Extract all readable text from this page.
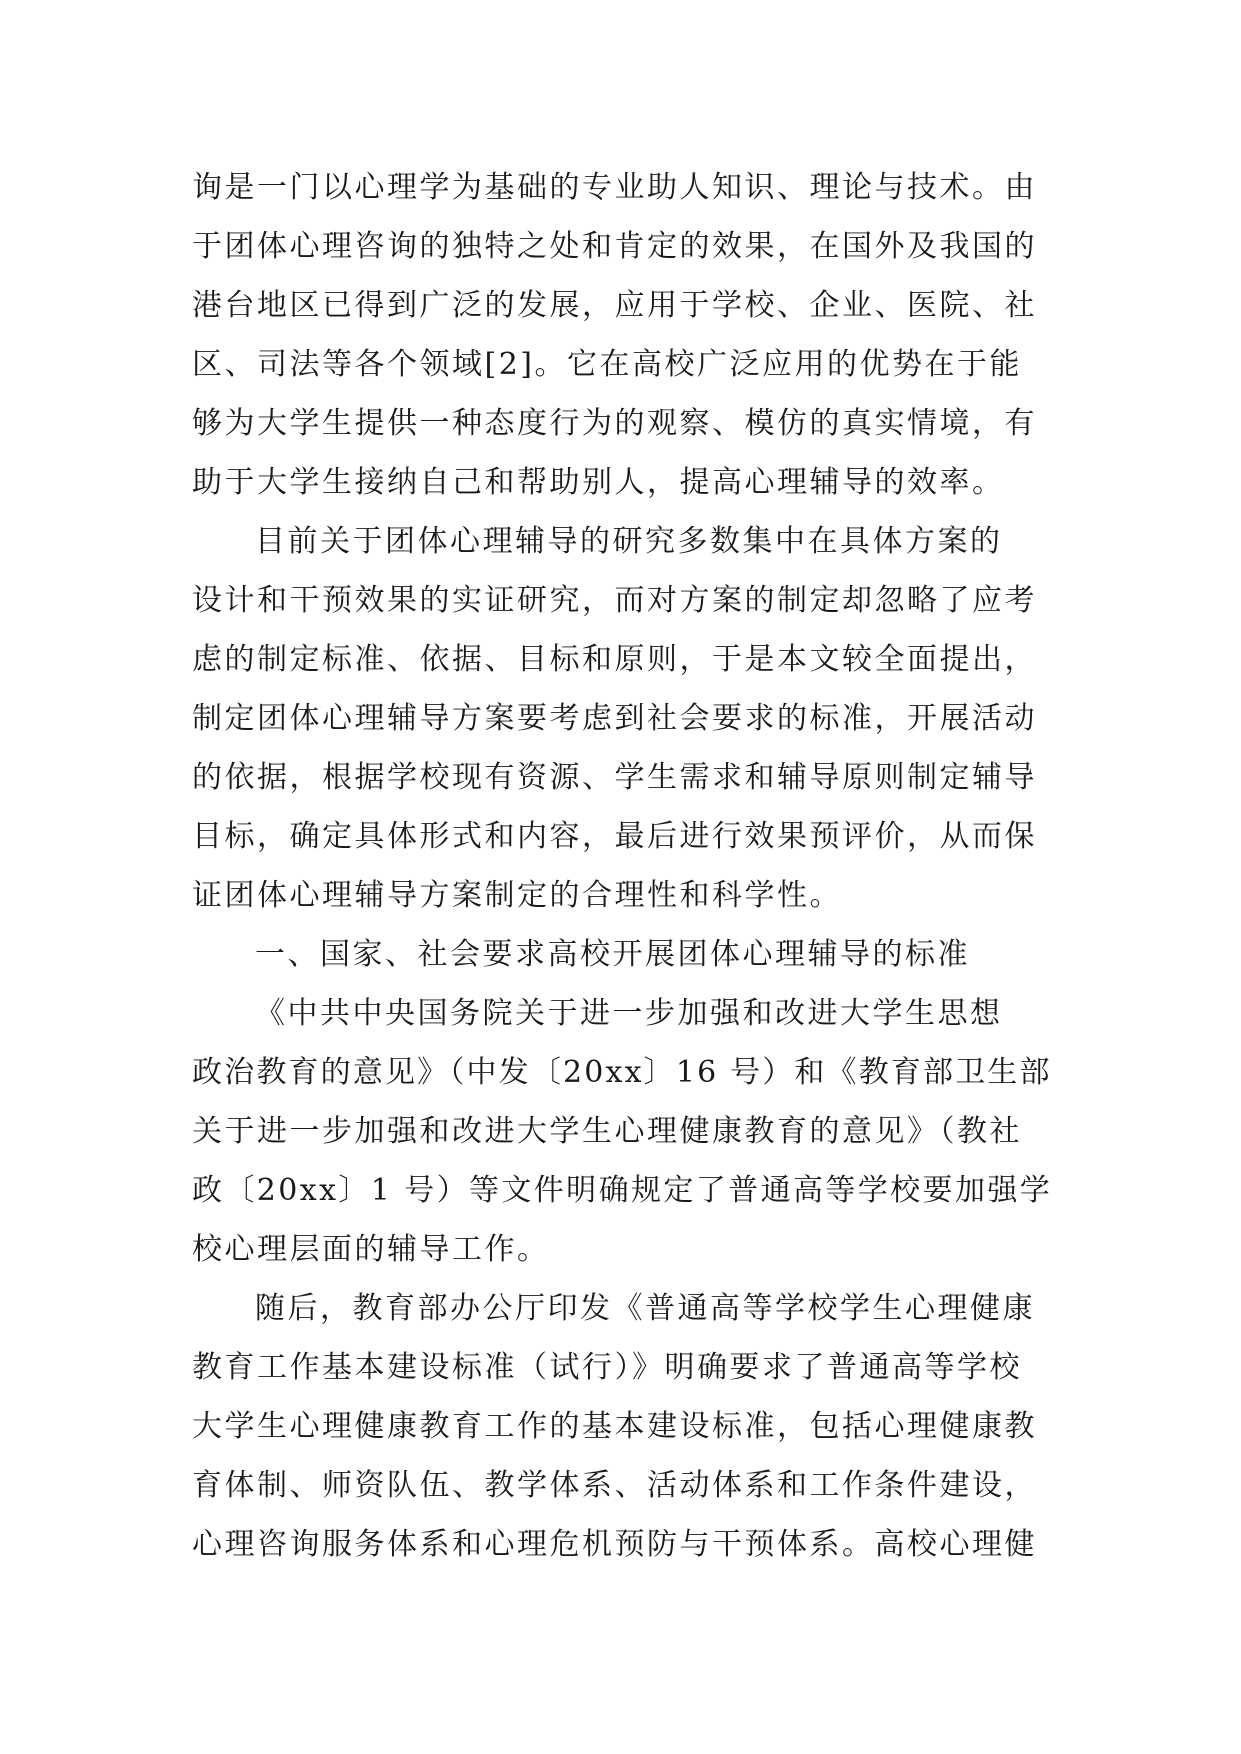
询是一门以心理学为基础的专业助人知识、理论与技术。由
于团体心理咨询的独特之处和肯定的效果，在国外及我国的
港台地区已得到广泛的发展，应用于学校、企业、医院、社
区、司法等各个领域[2]。它在高校广泛应用的优势在于能
够为大学生提供一种态度行为的观察、模仿的真实情境，有
助于大学生接纳自己和帮助别人，提高心理辅导的效率。
目前关于团体心理辅导的研究多数集中在具体方案的
设计和干预效果的实证研究，而对方案的制定却忽略了应考
虑的制定标准、依据、目标和原则，于是本文较全面提出，
制定团体心理辅导方案要考虑到社会要求的标准，开展活动
的依据，根据学校现有资源、学生需求和辅导原则制定辅导
目标，确定具体形式和内容，最后进行效果预评价，从而保
证团体心理辅导方案制定的合理性和科学性。
一、国家、社会要求高校开展团体心理辅导的标准
《中共中央国务院关于进一步加强和改进大学生思想
政治教育的意见》（中发〔20xx〕16 号）和《教育部卫生部
关于进一步加强和改进大学生心理健康教育的意见》（教社
政〔20xx〕1 号）等文件明确规定了普通高等学校要加强学
校心理层面的辅导工作。
随后，教育部办公厅印发《普通高等学校学生心理健康
教育工作基本建设标准（试行）》明确要求了普通高等学校
大学生心理健康教育工作的基本建设标准，包括心理健康教
育体制、师资队伍、教学体系、活动体系和工作条件建设，
心理咨询服务体系和心理危机预防与干预体系。高校心理健
